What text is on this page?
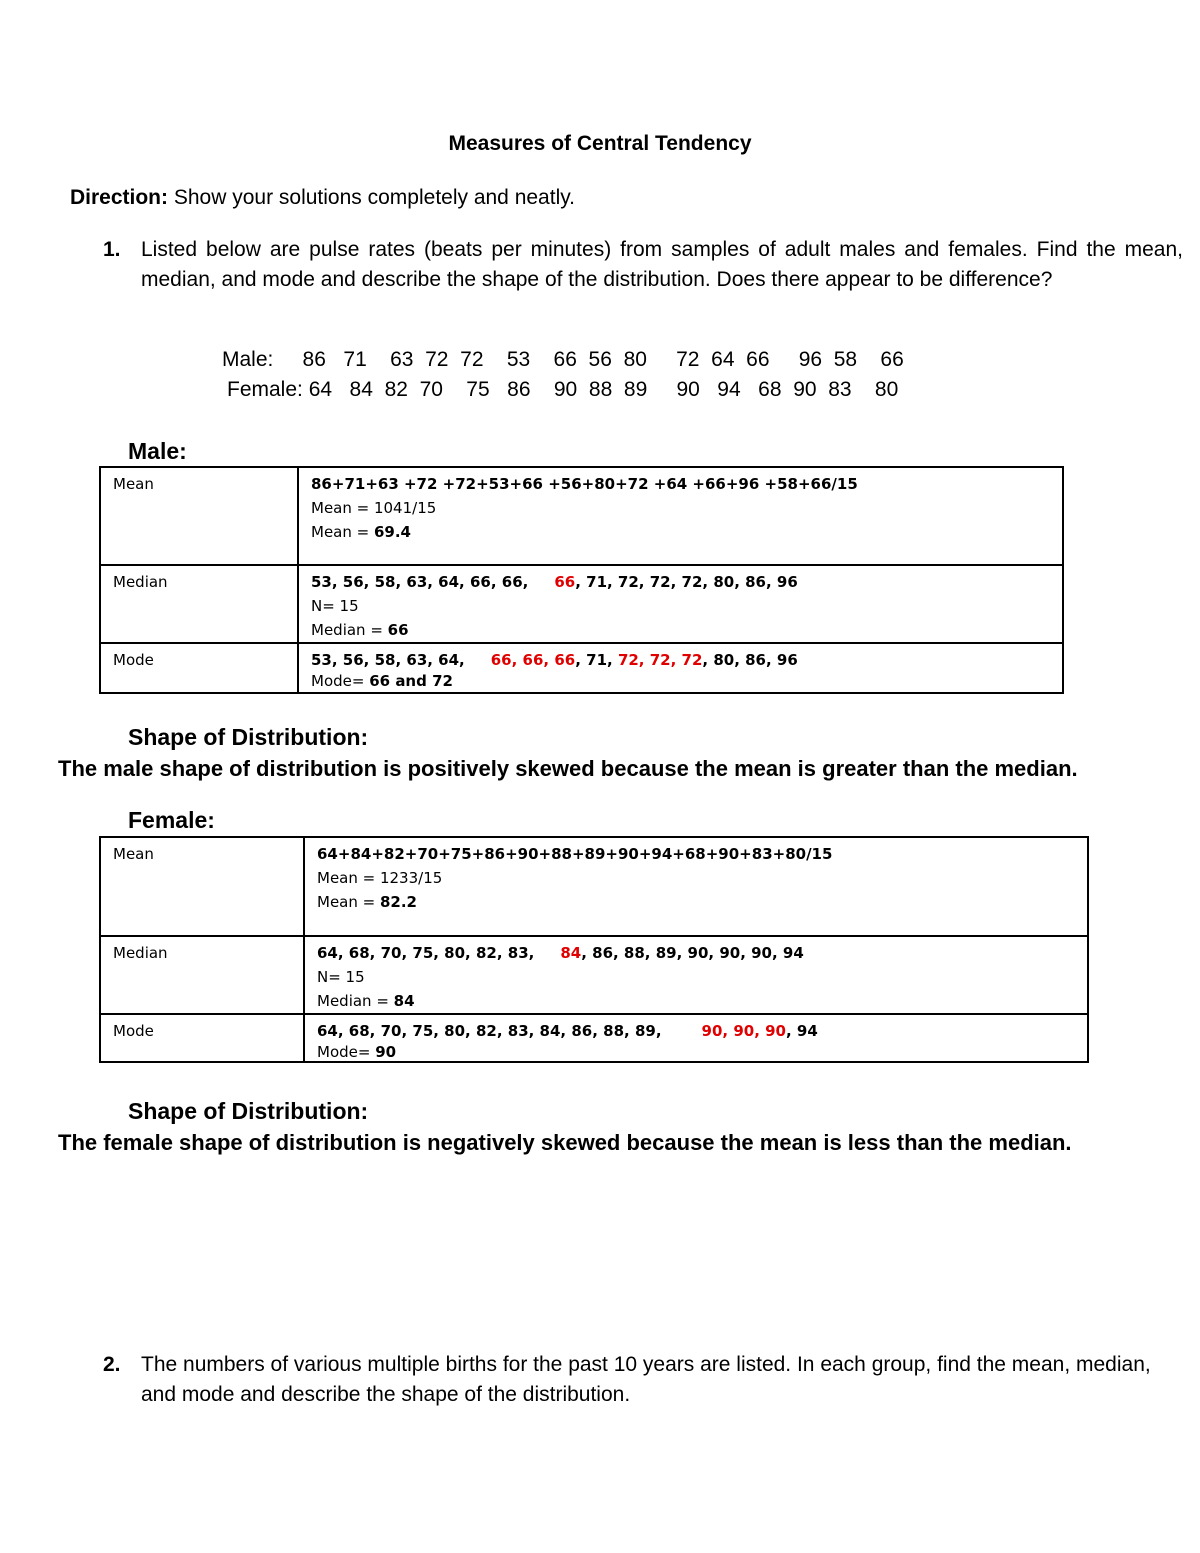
Measures of Central Tendency
Direction: Show your solutions completely and neatly.
1. Listed below are pulse rates (beats per minutes) from samples of adult males and females. Find the mean, median, and mode and describe the shape of the distribution. Does there appear to be difference?
Male:     86   71    63  72  72    53    66  56  80     72  64  66     96  58    66
Female: 64   84  82  70    75   86    90  88  89     90   94   68  90  83    80
Male:
Mean	86+71+63 +72 +72+53+66 +56+80+72 +64 +66+96 +58+66/15
Mean = 1041/15
Mean = 69.4

Median	53, 56, 58, 63, 64, 66, 66, 66, 71, 72, 72, 72, 80, 86, 96
N= 15
Median = 66

Mode	53, 56, 58, 63, 64, 66, 66, 66, 71, 72, 72, 72, 80, 86, 96
Mode= 66 and 72
Shape of Distribution:
The male shape of distribution is positively skewed because the mean is greater than the median.
Female:
Mean	64+84+82+70+75+86+90+88+89+90+94+68+90+83+80/15
Mean = 1233/15
Mean = 82.2

Median	64, 68, 70, 75, 80, 82, 83, 84, 86, 88, 89, 90, 90, 90, 94
N= 15
Median = 84

Mode	64, 68, 70, 75, 80, 82, 83, 84, 86, 88, 89, 90, 90, 90, 94
Mode= 90
Shape of Distribution:
The female shape of distribution is negatively skewed because the mean is less than the median.
2. The numbers of various multiple births for the past 10 years are listed. In each group, find the mean, median, and mode and describe the shape of the distribution.
